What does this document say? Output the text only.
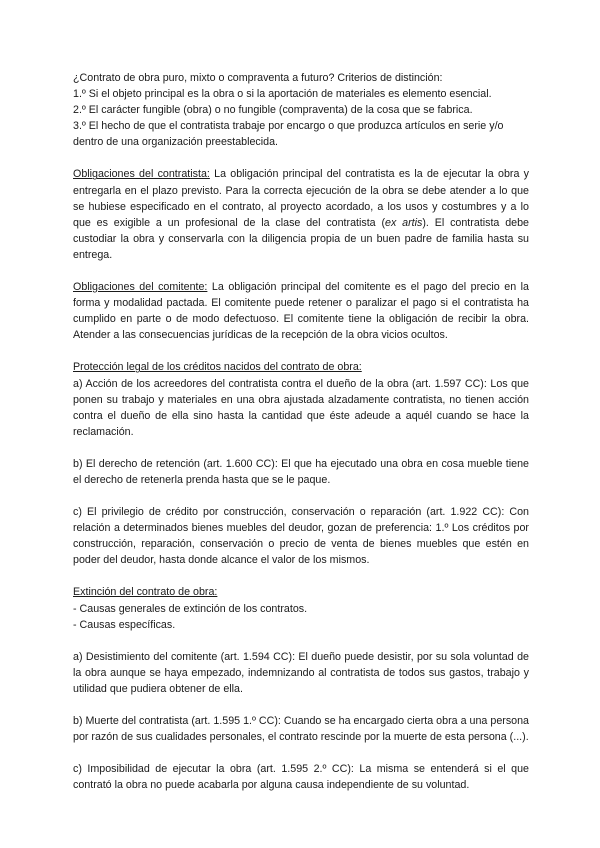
¿Contrato de obra puro, mixto o compraventa a futuro? Criterios de distinción:
1.º Si el objeto principal es la obra o si la aportación de materiales es elemento esencial.
2.º El carácter fungible (obra) o no fungible (compraventa) de la cosa que se fabrica.
3.º El hecho de que el contratista trabaje por encargo o que produzca artículos en serie y/o dentro de una organización preestablecida.

Obligaciones del contratista: La obligación principal del contratista es la de ejecutar la obra y entregarla en el plazo previsto. Para la correcta ejecución de la obra se debe atender a lo que se hubiese especificado en el contrato, al proyecto acordado, a los usos y costumbres y a lo que es exigible a un profesional de la clase del contratista (ex artis). El contratista debe custodiar la obra y conservarla con la diligencia propia de un buen padre de familia hasta su entrega.

Obligaciones del comitente: La obligación principal del comitente es el pago del precio en la forma y modalidad pactada. El comitente puede retener o paralizar el pago si el contratista ha cumplido en parte o de modo defectuoso. El comitente tiene la obligación de recibir la obra. Atender a las consecuencias jurídicas de la recepción de la obra vicios ocultos.

Protección legal de los créditos nacidos del contrato de obra:

a) Acción de los acreedores del contratista contra el dueño de la obra (art. 1.597 CC): Los que ponen su trabajo y materiales en una obra ajustada alzadamente contratista, no tienen acción contra el dueño de ella sino hasta la cantidad que éste adeude a aquél cuando se hace la reclamación.

b) El derecho de retención (art. 1.600 CC): El que ha ejecutado una obra en cosa mueble tiene el derecho de retenerla prenda hasta que se le paque.

c) El privilegio de crédito por construcción, conservación o reparación (art. 1.922 CC): Con relación a determinados bienes muebles del deudor, gozan de preferencia: 1.º Los créditos por construcción, reparación, conservación o precio de venta de bienes muebles que estén en poder del deudor, hasta donde alcance el valor de los mismos.

Extinción del contrato de obra:
- Causas generales de extinción de los contratos.
- Causas específicas.

a) Desistimiento del comitente (art. 1.594 CC): El dueño puede desistir, por su sola voluntad de la obra aunque se haya empezado, indemnizando al contratista de todos sus gastos, trabajo y utilidad que pudiera obtener de ella.

b) Muerte del contratista (art. 1.595 1.º CC): Cuando se ha encargado cierta obra a una persona por razón de sus cualidades personales, el contrato rescinde por la muerte de esta persona (...).

c) Imposibilidad de ejecutar la obra (art. 1.595 2.º CC): La misma se entenderá si el que contrató la obra no puede acabarla por alguna causa independiente de su voluntad.
